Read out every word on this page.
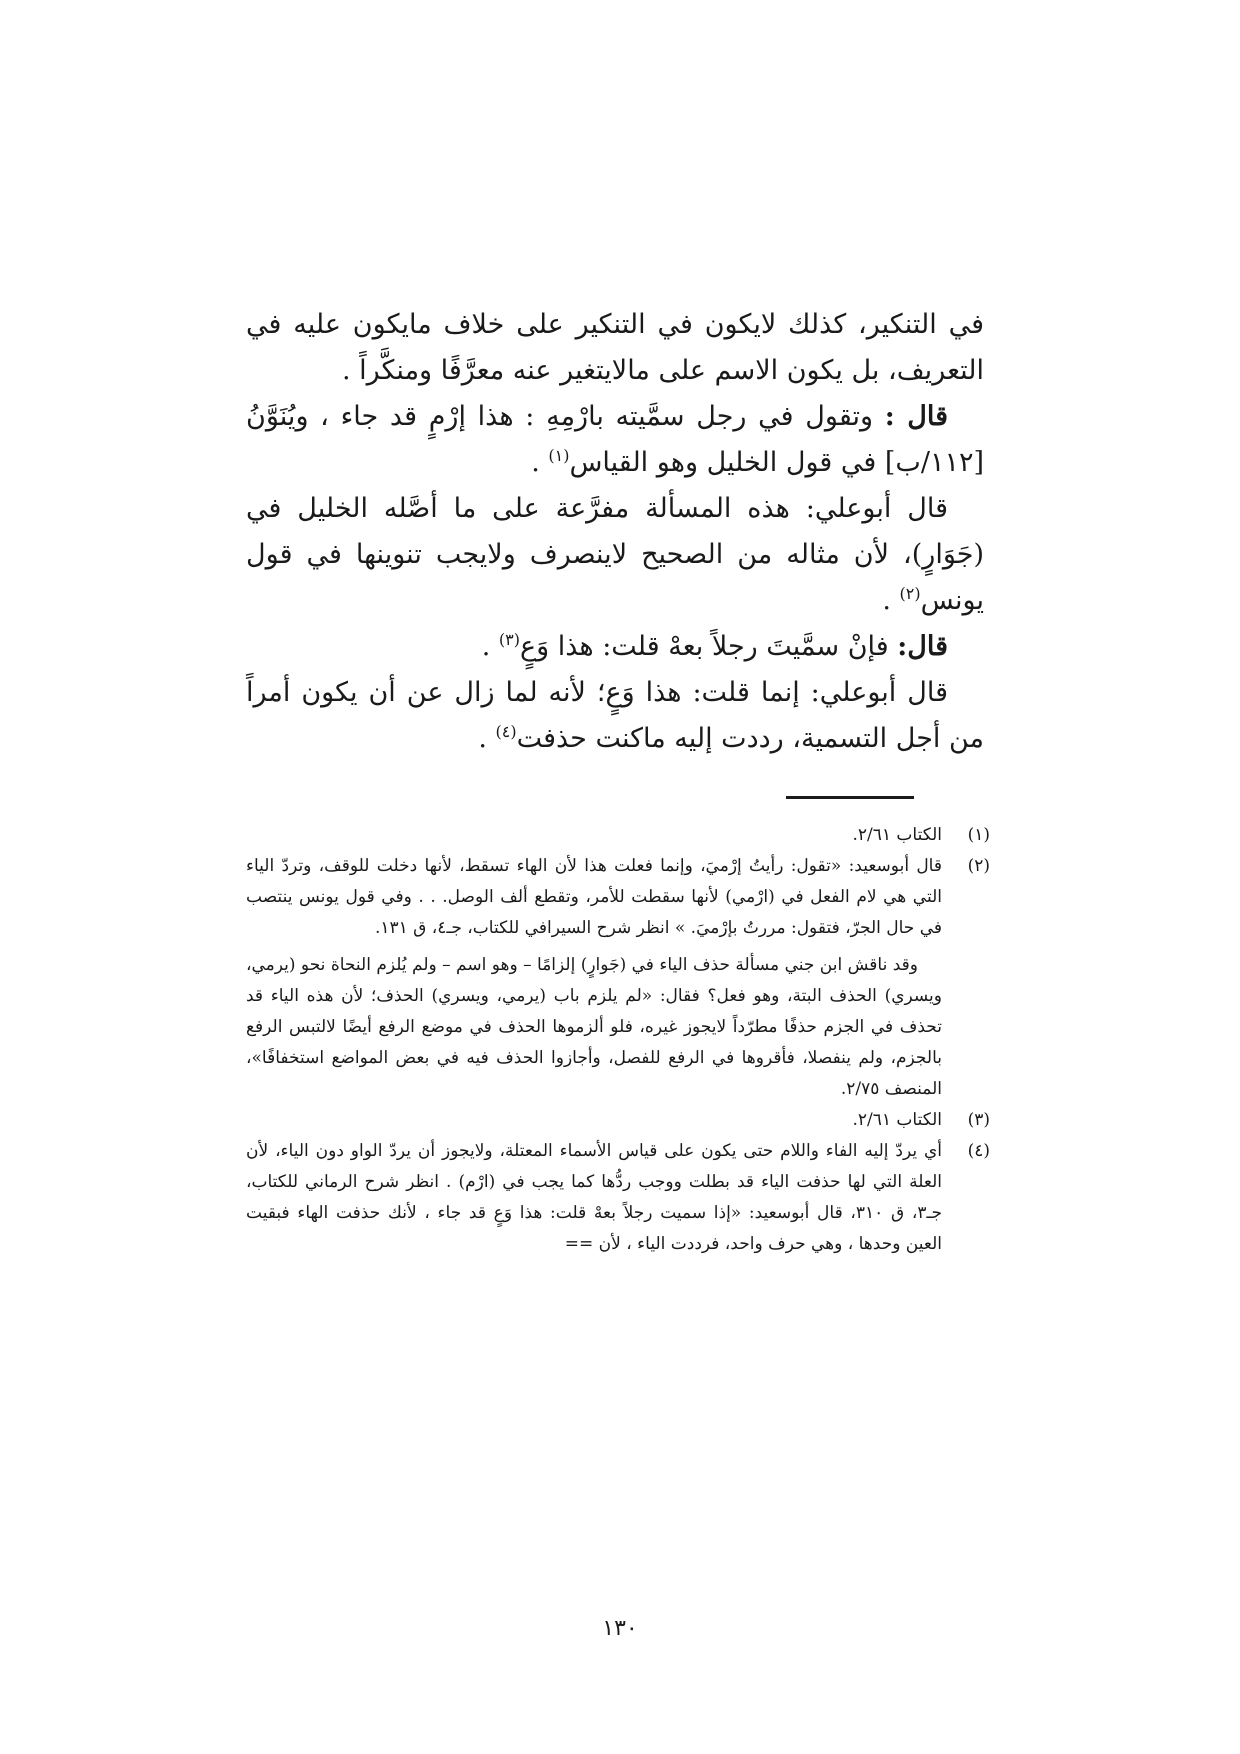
في التنكير، كذلك لايكون في التنكير على خلاف مايكون عليه في التعريف، بل يكون الاسم على مالايتغير عنه معرَّفًا ومنكَّراً .

قال : وتقول في رجل سمَّيته بارْمِهِ : هذا إرْمٍ قد جاء ، ويُنَوَّنُ [١١٢/ب] في قول الخليل وهو القياس$^{(١)}$ .

قال أبوعلي: هذه المسألة مفرَّعة على ما أصَّله الخليل في (جَوَارٍ)، لأن مثاله من الصحيح لاينصرف ولايجب تنوينها في قول يونس$^{(٢)}$ .

قال: فإنْ سمَّيتَ رجلاً بعهْ قلت: هذا وَعٍ$^{(٣)}$ .

قال أبوعلي: إنما قلت: هذا وَعٍ؛ لأنه لما زال عن أن يكون أمراً من أجل التسمية، رددت إليه ماكنت حذفت$^{(٤)}$ .

(١)

الكتاب ٢/٦١.

(٢)

قال أبوسعيد: «تقول: رأيتُ إرْميَ، وإنما فعلت هذا لأن الهاء تسقط، لأنها دخلت للوقف، وتردّ الياء التي هي لام الفعل في (ارْمي) لأنها سقطت للأمر، وتقطع ألف الوصل. . . وفي قول يونس ينتصب في حال الجرّ، فتقول: مررتُ بإرْميَ. » انظر شرح السيرافي للكتاب، جـ٤، ق ١٣١.

وقد ناقش ابن جني مسألة حذف الياء في (جَوارٍ) إلزامًا – وهو اسم – ولم يُلزم النحاة نحو (يرمي، ويسري) الحذف البتة، وهو فعل؟ فقال: «لم يلزم باب (يرمي، ويسري) الحذف؛ لأن هذه الياء قد تحذف في الجزم حذفًا مطرّداً لايجوز غيره، فلو ألزموها الحذف في موضع الرفع أيضًا لالتبس الرفع بالجزم، ولم ينفصلا، فأقروها في الرفع للفصل، وأجازوا الحذف فيه في بعض المواضع استخفافًا»، المنصف ٢/٧٥.

(٣)

الكتاب ٢/٦١.

(٤)

أي يردّ إليه الفاء واللام حتى يكون على قياس الأسماء المعتلة، ولايجوز أن يردّ الواو دون الياء، لأن العلة التي لها حذفت الياء قد بطلت ووجب ردُّها كما يجب في (ارْم) . انظر شرح الرماني للكتاب، جـ٣، ق ٣١٠، قال أبوسعيد: «إذا سميت رجلاً بعهْ قلت: هذا وَعٍ قد جاء ، لأنك حذفت الهاء فبقيت العين وحدها ، وهي حرف واحد، فرددت الياء ، لأن ==

١٣٠
